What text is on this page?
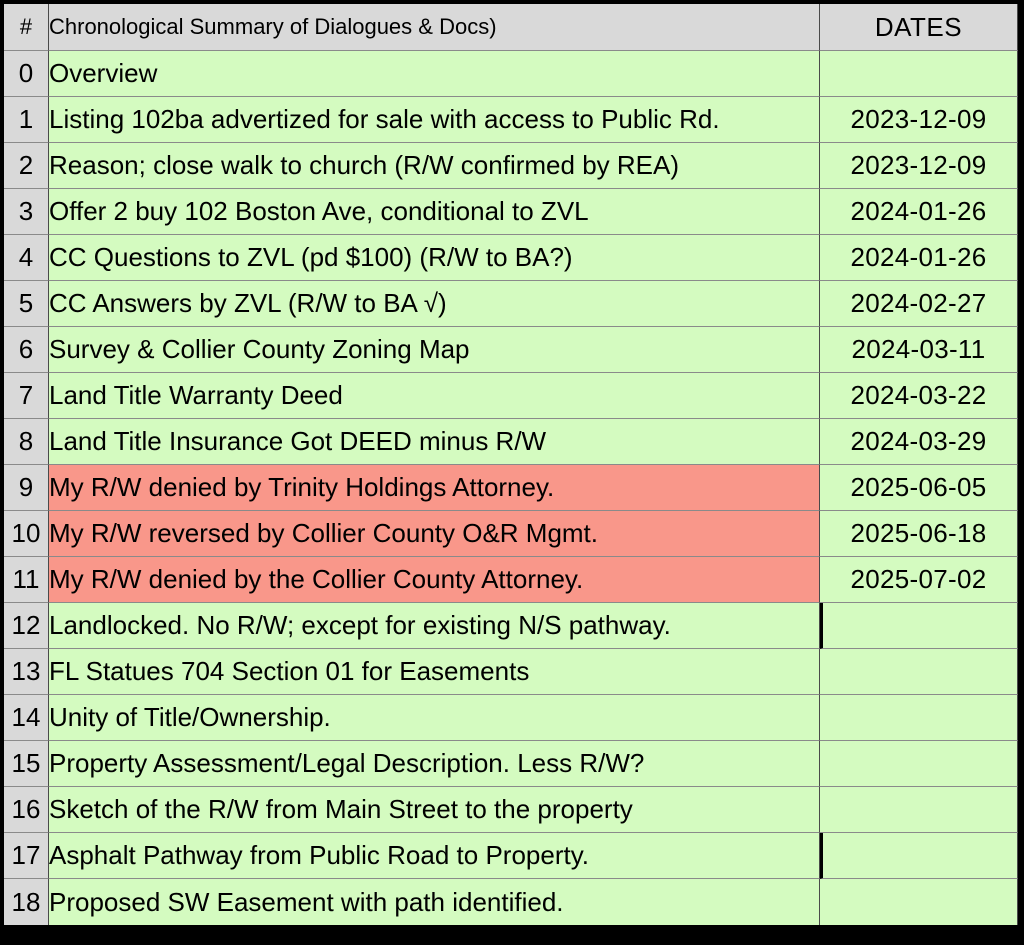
#	Chronological Summary of Dialogues & Docs)	DATES
0	Overview	
1	Listing 102ba advertized for sale with access to Public Rd.	2023-12-09
2	Reason; close walk to church (R/W confirmed by REA)	2023-12-09
3	Offer 2 buy 102 Boston Ave, conditional to ZVL	2024-01-26
4	CC Questions to ZVL (pd $100) (R/W to BA?)	2024-01-26
5	CC Answers by ZVL (R/W to BA √)	2024-02-27
6	Survey & Collier County Zoning Map	2024-03-11
7	Land Title Warranty Deed	2024-03-22
8	Land Title Insurance Got DEED minus R/W	2024-03-29
9	My R/W denied by Trinity Holdings Attorney.	2025-06-05
10	My R/W reversed by Collier County O&R Mgmt.	2025-06-18
11	My R/W denied by the Collier County Attorney.	2025-07-02
12	Landlocked. No R/W; except for existing N/S pathway.	
13	FL Statues 704 Section 01 for Easements	
14	Unity of Title/Ownership.	
15	Property Assessment/Legal Description. Less R/W?	
16	Sketch of the R/W from Main Street to the property	
17	Asphalt Pathway from Public Road to Property.	
18	Proposed SW Easement with path identified.	
